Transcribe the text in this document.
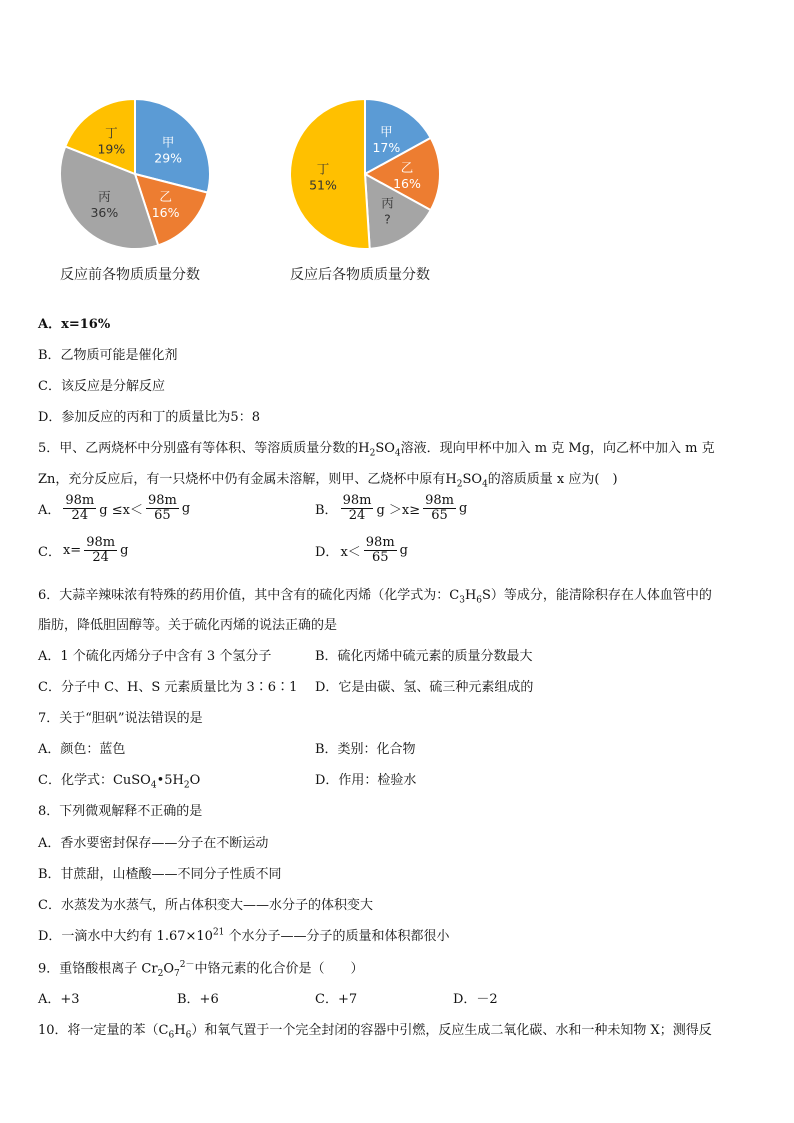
甲
29%
乙
16%
丙
36%
丁
19%
反应前各物质质量分数
甲
17%
乙
16%
丙
?
丁
51%
反应后各物质质量分数
A．x=16%
B．乙物质可能是催化剂
C．该反应是分解反应
D．参加反应的丙和丁的质量比为5：8
5．甲、乙两烧杯中分别盛有等体积、等溶质质量分数的$H_2SO_4$溶液．现向甲杯中加入 m 克 Mg，向乙杯中加入 m 克
Zn，充分反应后，有一只烧杯中仍有金属未溶解，则甲、乙烧杯中原有$H_2SO_4$的溶质质量 x 应为(　)
A． $\frac{98m}{24}$ $g \le x< \frac{98m}{65}$ g	B． $\frac{98m}{24}$ $g >x\ge \frac{98m}{65}$ g
C． $x= \frac{98m}{24}$ g	D． $x< \frac{98m}{65}$ g
6．大蒜辛辣味浓有特殊的药用价值，其中含有的硫化丙烯（化学式为：$C_3H_6S$）等成分，能清除积存在人体血管中的
脂肪，降低胆固醇等。关于硫化丙烯的说法正确的是
A．1 个硫化丙烯分子中含有 3 个氢分子	B．硫化丙烯中硫元素的质量分数最大
C．分子中 C、H、S 元素质量比为 3∶6∶1 D．它是由碳、氢、硫三种元素组成的
7．关于“胆矾”说法错误的是
A．颜色：蓝色	B．类别：化合物
C．化学式：$CuSO_4•5H_2O$	D．作用：检验水
8．下列微观解释不正确的是
A．香水要密封保存——分子在不断运动
B．甘蔗甜，山楂酸——不同分子性质不同
C．水蒸发为水蒸气，所占体积变大——水分子的体积变大
D．一滴水中大约有 $1.67\times 10^{21}$ 个水分子——分子的质量和体积都很小
9．重铬酸根离子 $Cr_2O_7^{2-}$中铬元素的化合价是（　　）
A．+3	B．+6	C．+7	D．－2
10．将一定量的苯$(C_6H_6)$和氧气置于一个完全封闭的容器中引燃，反应生成二氧化碳、水和一种未知物 X；测得反
